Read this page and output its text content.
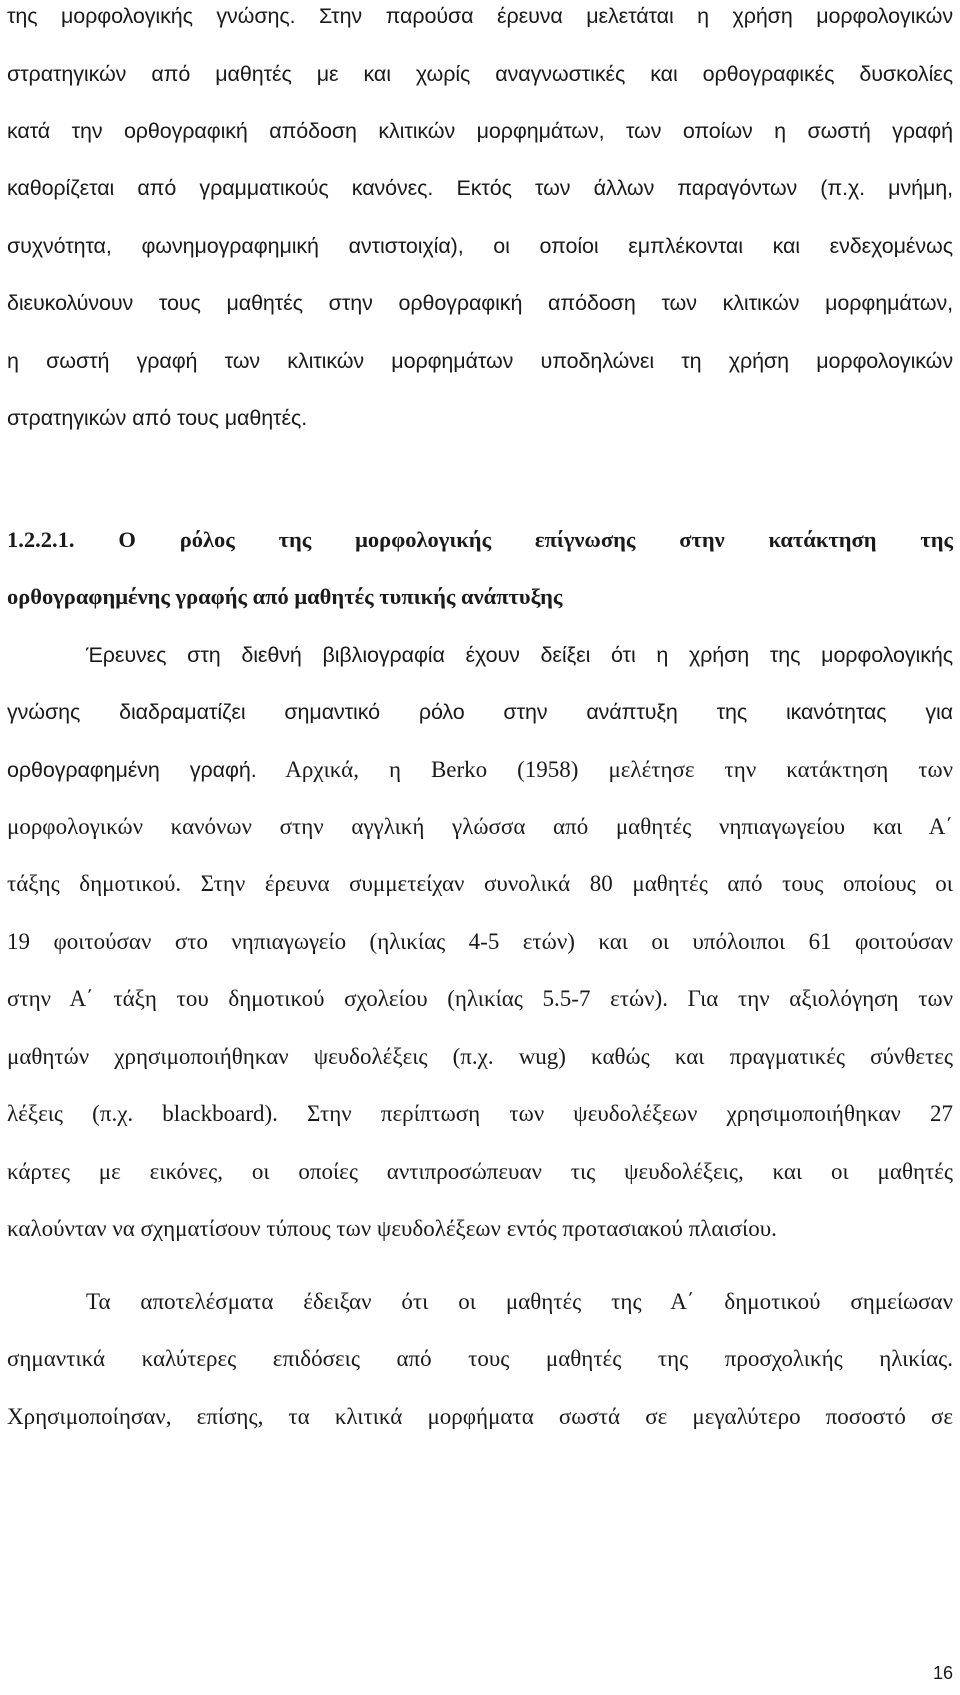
της μορφολογικής γνώσης. Στην παρούσα έρευνα μελετάται η χρήση μορφολογικών
στρατηγικών από μαθητές με και χωρίς αναγνωστικές και ορθογραφικές δυσκολίες
κατά την ορθογραφική απόδοση κλιτικών μορφημάτων, των οποίων η σωστή γραφή
καθορίζεται από γραμματικούς κανόνες. Εκτός των άλλων παραγόντων (π.χ. μνήμη,
συχνότητα, φωνημογραφημική αντιστοιχία), οι οποίοι εμπλέκονται και ενδεχομένως
διευκολύνουν τους μαθητές στην ορθογραφική απόδοση των κλιτικών μορφημάτων,
η σωστή γραφή των κλιτικών μορφημάτων υποδηλώνει τη χρήση μορφολογικών
στρατηγικών από τους μαθητές.
1.2.2.1. Ο ρόλος της μορφολογικής επίγνωσης στην κατάκτηση της
ορθογραφημένης γραφής από μαθητές τυπικής ανάπτυξης
Έρευνες στη διεθνή βιβλιογραφία έχουν δείξει ότι η χρήση της μορφολογικής
γνώσης διαδραματίζει σημαντικό ρόλο στην ανάπτυξη της ικανότητας για
ορθογραφημένη γραφή. Αρχικά, η Berko (1958) μελέτησε την κατάκτηση των
μορφολογικών κανόνων στην αγγλική γλώσσα από μαθητές νηπιαγωγείου και Α΄
τάξης δημοτικού. Στην έρευνα συμμετείχαν συνολικά 80 μαθητές από τους οποίους οι
19 φοιτούσαν στο νηπιαγωγείο (ηλικίας 4-5 ετών) και οι υπόλοιποι 61 φοιτούσαν
στην Α΄ τάξη του δημοτικού σχολείου (ηλικίας 5.5-7 ετών). Για την αξιολόγηση των
μαθητών χρησιμοποιήθηκαν ψευδολέξεις (π.χ. wug) καθώς και πραγματικές σύνθετες
λέξεις (π.χ. blackboard). Στην περίπτωση των ψευδολέξεων χρησιμοποιήθηκαν 27
κάρτες με εικόνες, οι οποίες αντιπροσώπευαν τις ψευδολέξεις, και οι μαθητές
καλούνταν να σχηματίσουν τύπους των ψευδολέξεων εντός προτασιακού πλαισίου.
Τα αποτελέσματα έδειξαν ότι οι μαθητές της Α΄ δημοτικού σημείωσαν
σημαντικά καλύτερες επιδόσεις από τους μαθητές της προσχολικής ηλικίας.
Χρησιμοποίησαν, επίσης, τα κλιτικά μορφήματα σωστά σε μεγαλύτερο ποσοστό σε
16
